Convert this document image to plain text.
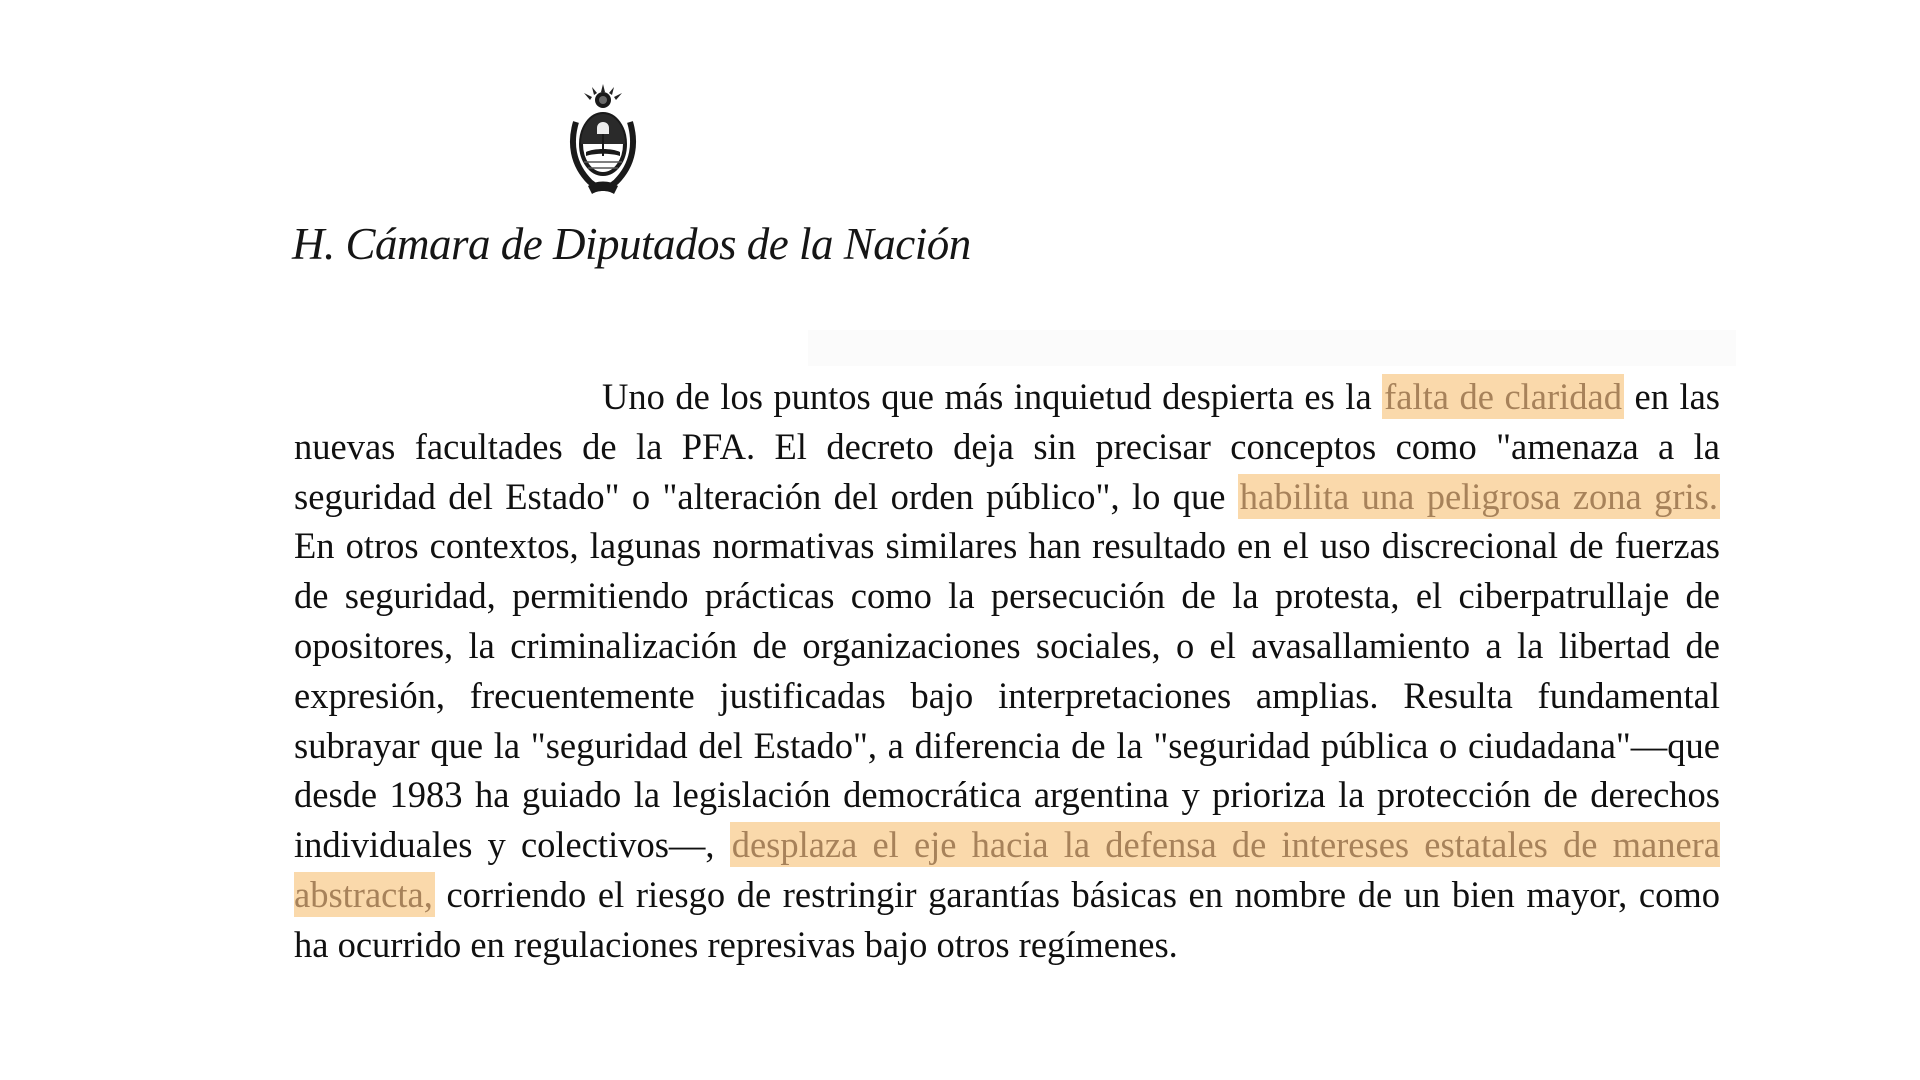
H. Cámara de Diputados de la Nación

Uno de los puntos que más inquietud despierta es la falta de claridad en las nuevas facultades de la PFA. El decreto deja sin precisar conceptos como "amenaza a la seguridad del Estado" o "alteración del orden público", lo que habilita una peligrosa zona gris. En otros contextos, lagunas normativas similares han resultado en el uso discrecional de fuerzas de seguridad, permitiendo prácticas como la persecución de la protesta, el ciberpatrullaje de opositores, la criminalización de organizaciones sociales, o el avasallamiento a la libertad de expresión, frecuentemente justificadas bajo interpretaciones amplias. Resulta fundamental subrayar que la "seguridad del Estado", a diferencia de la "seguridad pública o ciudadana"—que desde 1983 ha guiado la legislación democrática argentina y prioriza la protección de derechos individuales y colectivos—, desplaza el eje hacia la defensa de intereses estatales de manera abstracta, corriendo el riesgo de restringir garantías básicas en nombre de un bien mayor, como ha ocurrido en regulaciones represivas bajo otros regímenes.
